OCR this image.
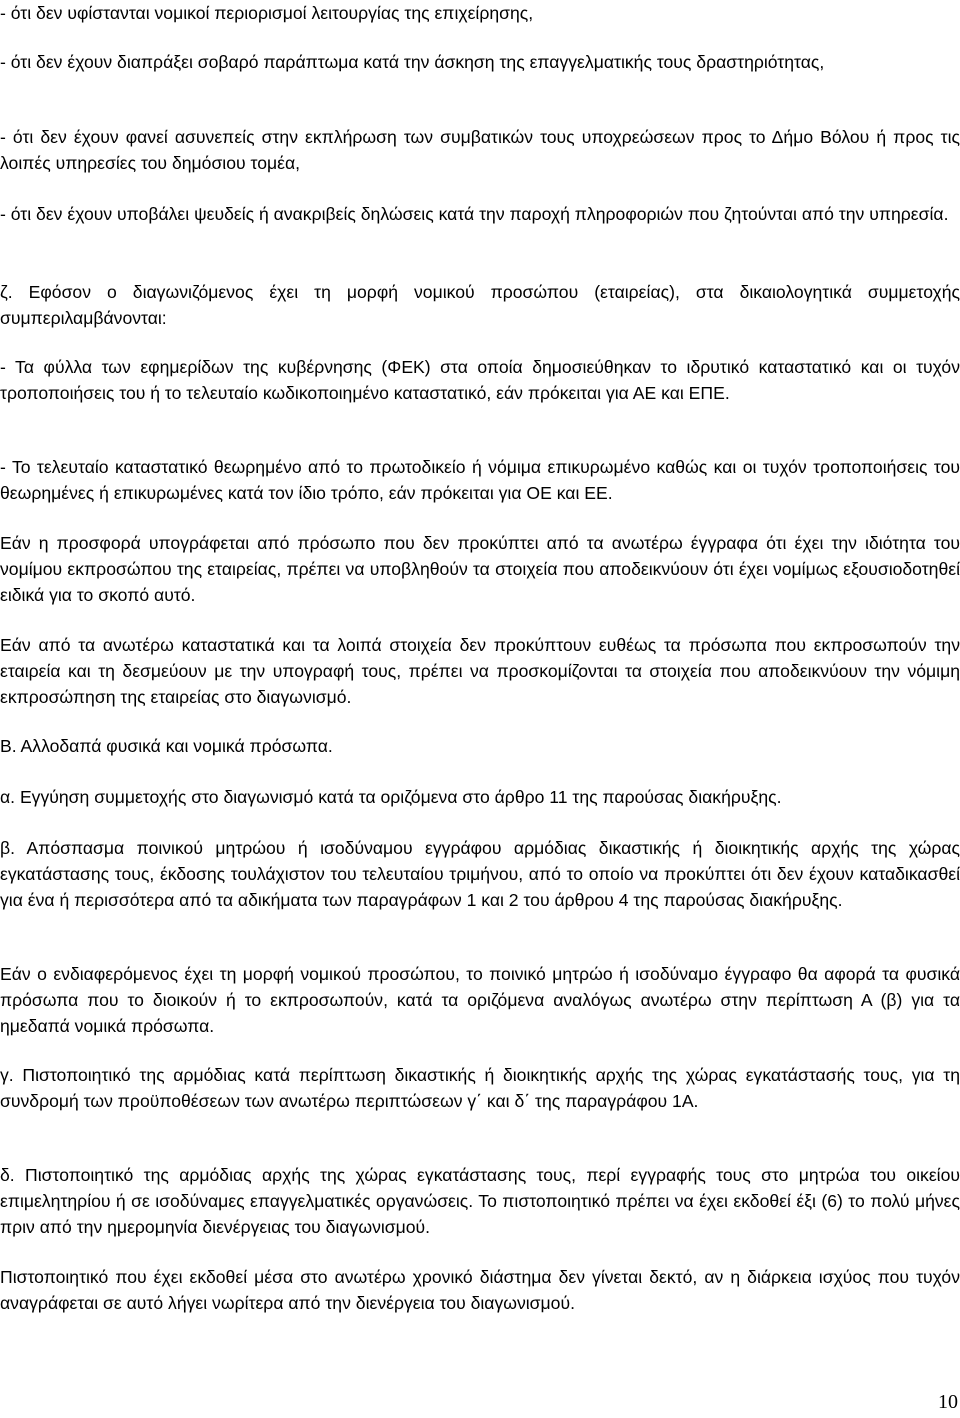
- ότι δεν υφίστανται νομικοί περιορισμοί λειτουργίας της επιχείρησης,

- ότι δεν έχουν διαπράξει σοβαρό παράπτωμα κατά την άσκηση της επαγγελματικής τους δραστηριότητας,

- ότι δεν έχουν φανεί ασυνεπείς στην εκπλήρωση των συμβατικών τους υποχρεώσεων προς το Δήμο Βόλου ή προς τις λοιπές υπηρεσίες του δημόσιου τομέα,

- ότι δεν έχουν υποβάλει ψευδείς ή ανακριβείς δηλώσεις κατά την παροχή πληροφοριών που ζητούνται από την υπηρεσία.

ζ. Εφόσον ο διαγωνιζόμενος έχει τη μορφή νομικού προσώπου (εταιρείας), στα δικαιολογητικά συμμετοχής συμπεριλαμβάνονται:

- Τα φύλλα των εφημερίδων της κυβέρνησης (ΦΕΚ) στα οποία δημοσιεύθηκαν το ιδρυτικό καταστατικό και οι τυχόν τροποποιήσεις του ή το τελευταίο κωδικοποιημένο καταστατικό, εάν πρόκειται για ΑΕ και ΕΠΕ.

- Το τελευταίο καταστατικό θεωρημένο από το πρωτοδικείο ή νόμιμα επικυρωμένο καθώς και οι τυχόν τροποποιήσεις του θεωρημένες ή επικυρωμένες κατά τον ίδιο τρόπο, εάν πρόκειται για ΟΕ και ΕΕ.

Εάν η προσφορά υπογράφεται από πρόσωπο που δεν προκύπτει από τα ανωτέρω έγγραφα ότι έχει την ιδιότητα του νομίμου εκπροσώπου της εταιρείας, πρέπει να υποβληθούν τα στοιχεία που αποδεικνύουν ότι έχει νομίμως εξουσιοδοτηθεί ειδικά για το σκοπό αυτό.

Εάν από τα ανωτέρω καταστατικά και τα λοιπά στοιχεία δεν προκύπτουν ευθέως τα πρόσωπα που εκπροσωπούν την εταιρεία και τη δεσμεύουν με την υπογραφή τους, πρέπει να προσκομίζονται τα στοιχεία που αποδεικνύουν την νόμιμη εκπροσώπηση της εταιρείας στο διαγωνισμό.

Β. Αλλοδαπά φυσικά και νομικά πρόσωπα.

α. Εγγύηση συμμετοχής στο διαγωνισμό κατά τα οριζόμενα στο άρθρο 11 της παρούσας διακήρυξης.

β. Απόσπασμα ποινικού μητρώου ή ισοδύναμου εγγράφου αρμόδιας δικαστικής ή διοικητικής αρχής της χώρας εγκατάστασης τους, έκδοσης τουλάχιστον του τελευταίου τριμήνου, από το οποίο να προκύπτει ότι δεν έχουν καταδικασθεί για ένα ή περισσότερα από τα αδικήματα των παραγράφων 1 και 2 του άρθρου 4 της παρούσας διακήρυξης.

Εάν ο ενδιαφερόμενος έχει τη μορφή νομικού προσώπου, το ποινικό μητρώο ή ισοδύναμο έγγραφο θα αφορά τα φυσικά πρόσωπα που το διοικούν ή το εκπροσωπούν, κατά τα οριζόμενα αναλόγως ανωτέρω στην περίπτωση Α (β) για τα ημεδαπά νομικά πρόσωπα.

γ. Πιστοποιητικό της αρμόδιας κατά περίπτωση δικαστικής ή διοικητικής αρχής της χώρας εγκατάστασής τους, για τη συνδρομή των προϋποθέσεων των ανωτέρω περιπτώσεων γ΄ και δ΄ της παραγράφου 1Α.

δ. Πιστοποιητικό της αρμόδιας αρχής της χώρας εγκατάστασης τους, περί εγγραφής τους στο μητρώα του οικείου επιμελητηρίου ή σε ισοδύναμες επαγγελματικές οργανώσεις. Το πιστοποιητικό πρέπει να έχει εκδοθεί έξι (6) το πολύ μήνες πριν από την ημερομηνία διενέργειας του διαγωνισμού.

Πιστοποιητικό που έχει εκδοθεί μέσα στο ανωτέρω χρονικό διάστημα δεν γίνεται δεκτό, αν η διάρκεια ισχύος που τυχόν αναγράφεται σε αυτό λήγει νωρίτερα από την διενέργεια του διαγωνισμού.

10
